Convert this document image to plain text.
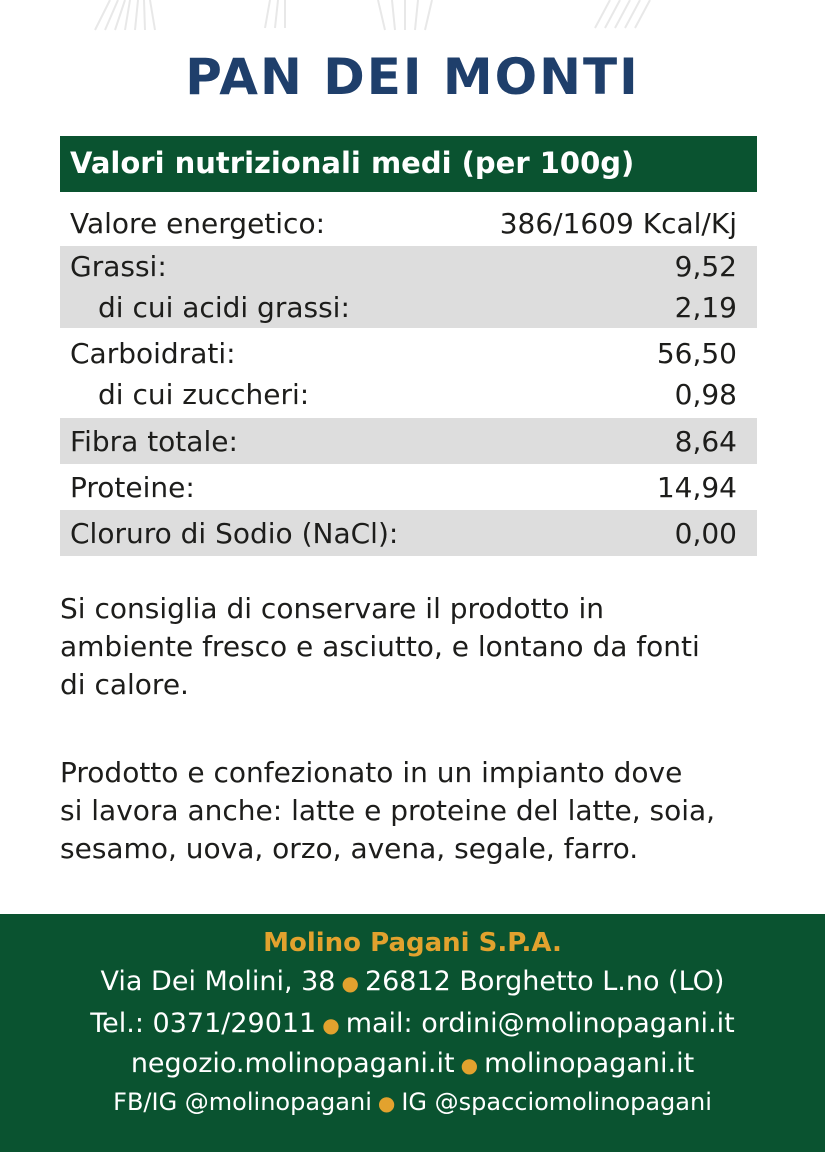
PAN DEI MONTI
Valori nutrizionali medi (per 100g)
Valore energetico:	386/1609 Kcal/Kj
Grassi:	9,52
di cui acidi grassi:	2,19
Carboidrati:	56,50
di cui zuccheri:	0,98
Fibra totale:	8,64
Proteine:	14,94
Cloruro di Sodio (NaCl):	0,00

Si consiglia di conservare il prodotto in
ambiente fresco e asciutto, e lontano da fonti
di calore.

Prodotto e confezionato in un impianto dove
si lavora anche: latte e proteine del latte, soia,
sesamo, uova, orzo, avena, segale, farro.

Molino Pagani S.P.A.
Via Dei Molini, 38 ● 26812 Borghetto L.no (LO)
Tel.: 0371/29011 ● mail: ordini@molinopagani.it
negozio.molinopagani.it ● molinopagani.it
FB/IG @molinopagani ● IG @spacciomolinopagani
